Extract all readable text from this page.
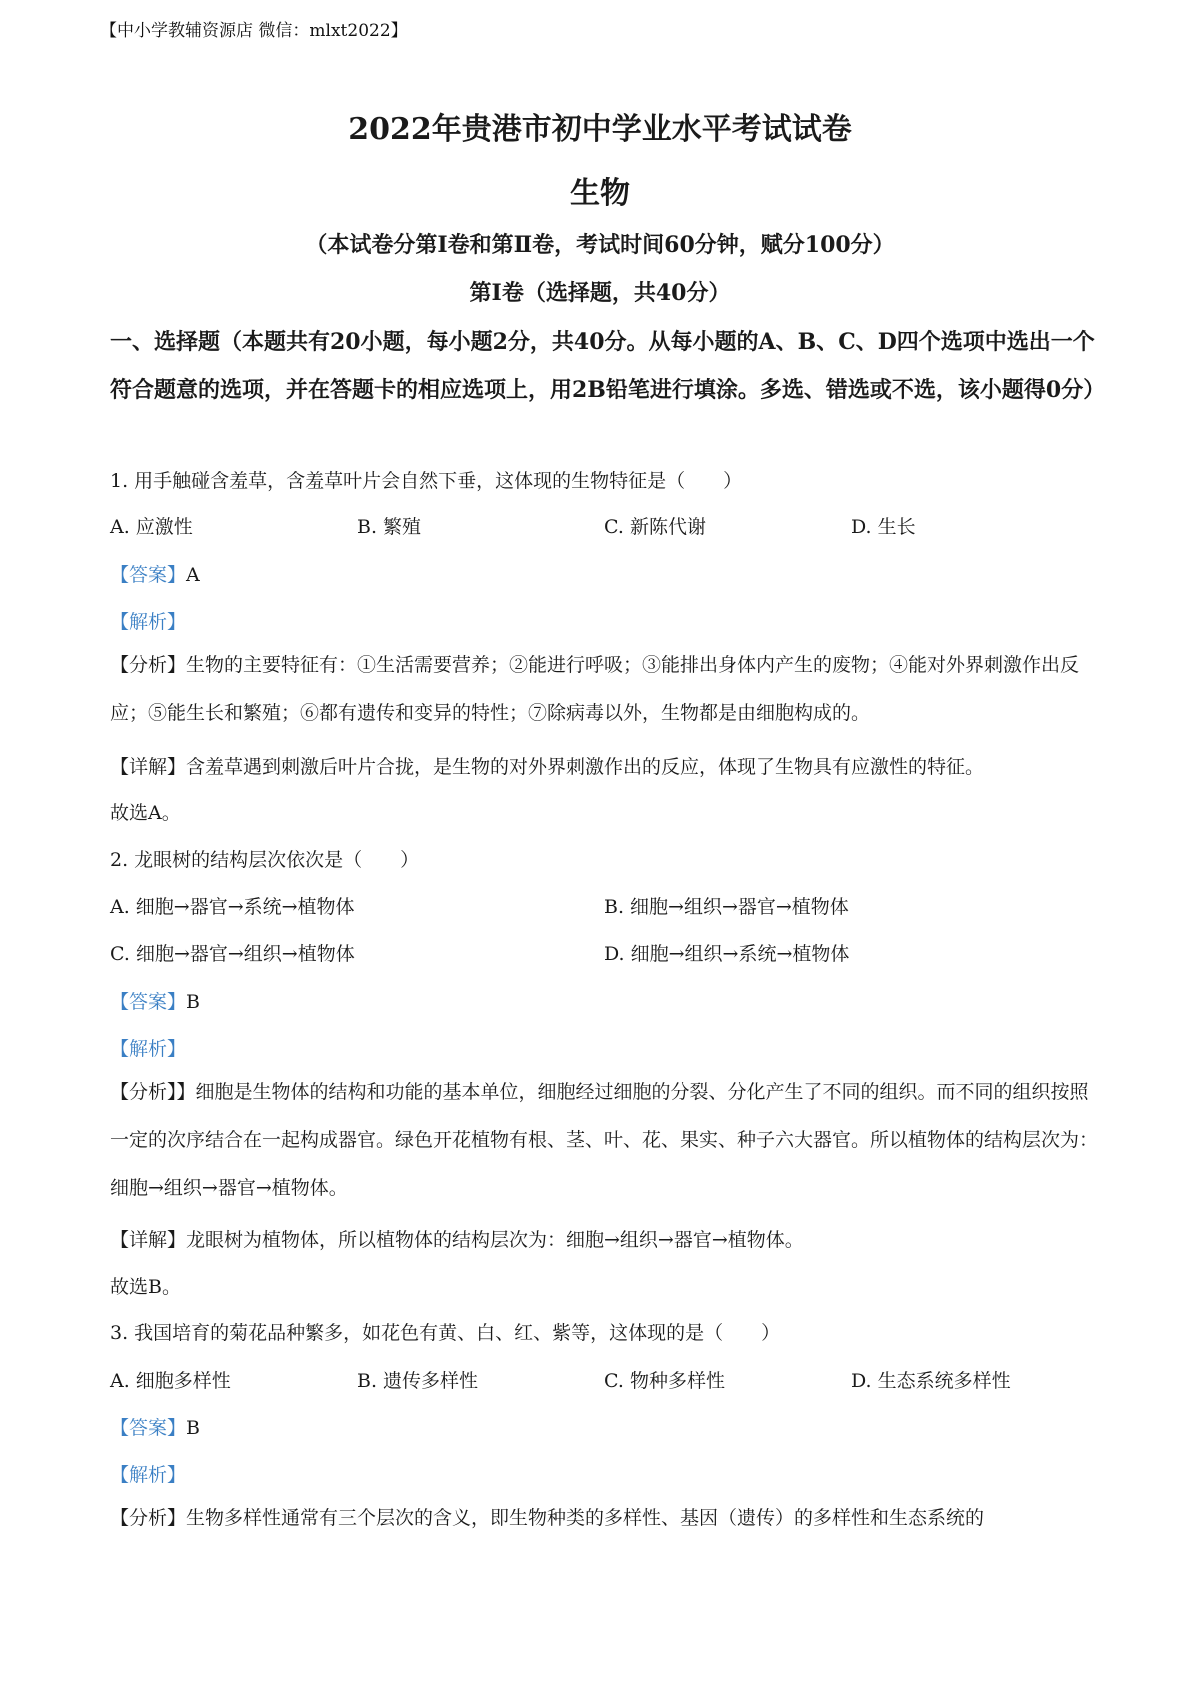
【中小学教辅资源店 微信：mlxt2022】
2022年贵港市初中学业水平考试试卷
生物
（本试卷分第Ⅰ卷和第Ⅱ卷，考试时间60分钟，赋分100分）
第Ⅰ卷（选择题，共40分）
一、选择题（本题共有20小题，每小题2分，共40分。从每小题的A、B、C、D四个选项中选出一个符合题意的选项，并在答题卡的相应选项上，用2B铅笔进行填涂。多选、错选或不选，该小题得0分）
1. 用手触碰含羞草，含羞草叶片会自然下垂，这体现的生物特征是（　　）
A. 应激性	B. 繁殖	C. 新陈代谢	D. 生长
【答案】A
【解析】
【分析】生物的主要特征有：①生活需要营养；②能进行呼吸；③能排出身体内产生的废物；④能对外界刺激作出反应；⑤能生长和繁殖；⑥都有遗传和变异的特性；⑦除病毒以外，生物都是由细胞构成的。
【详解】含羞草遇到刺激后叶片合拢，是生物的对外界刺激作出的反应，体现了生物具有应激性的特征。
故选A。
2. 龙眼树的结构层次依次是（　　）
A. 细胞→器官→系统→植物体	B. 细胞→组织→器官→植物体
C. 细胞→器官→组织→植物体	D. 细胞→组织→系统→植物体
【答案】B
【解析】
【分析】】细胞是生物体的结构和功能的基本单位，细胞经过细胞的分裂、分化产生了不同的组织。而不同的组织按照一定的次序结合在一起构成器官。绿色开花植物有根、茎、叶、花、果实、种子六大器官。所以植物体的结构层次为：细胞→组织→器官→植物体。
【详解】龙眼树为植物体，所以植物体的结构层次为：细胞→组织→器官→植物体。
故选B。
3. 我国培育的菊花品种繁多，如花色有黄、白、红、紫等，这体现的是（　　）
A. 细胞多样性	B. 遗传多样性	C. 物种多样性	D. 生态系统多样性
【答案】B
【解析】
【分析】生物多样性通常有三个层次的含义，即生物种类的多样性、基因（遗传）的多样性和生态系统的
